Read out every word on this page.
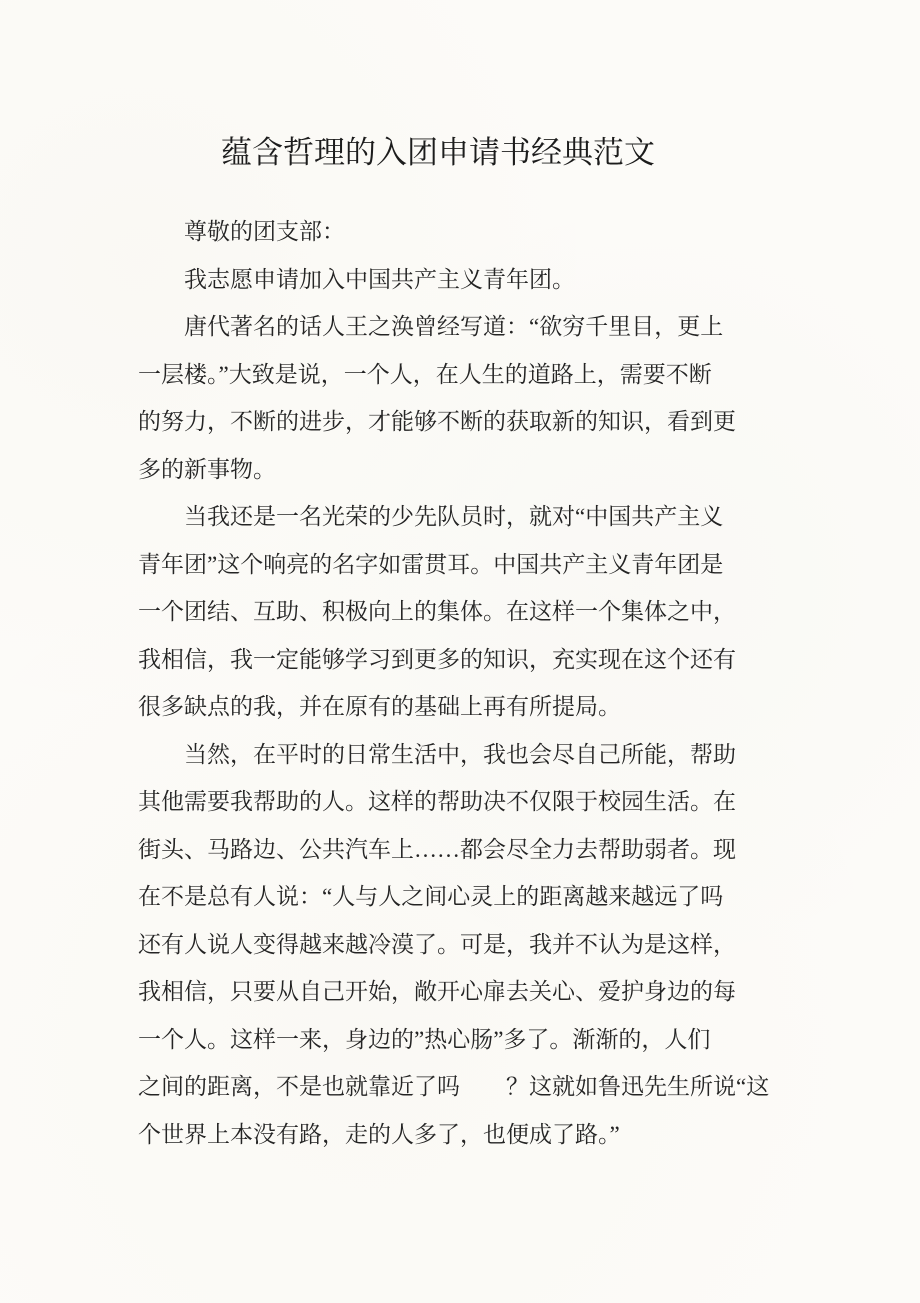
蕴含哲理的入团申请书经典范文
尊敬的团支部：
我志愿申请加入中国共产主义青年团。
唐代著名的话人王之涣曾经写道：“欲穷千里目，更上
一层楼。”大致是说，一个人，在人生的道路上，需要不断
的努力，不断的进步，才能够不断的获取新的知识，看到更
多的新事物。
当我还是一名光荣的少先队员时，就对“中国共产主义
青年团”这个响亮的名字如雷贯耳。中国共产主义青年团是
一个团结、互助、积极向上的集体。在这样一个集体之中，
我相信，我一定能够学习到更多的知识，充实现在这个还有
很多缺点的我，并在原有的基础上再有所提局。
当然，在平时的日常生活中，我也会尽自己所能，帮助
其他需要我帮助的人。这样的帮助决不仅限于校园生活。在
街头、马路边、公共汽车上……都会尽全力去帮助弱者。现
在不是总有人说：“人与人之间心灵上的距离越来越远了吗
还有人说人变得越来越冷漠了。可是，我并不认为是这样，
我相信，只要从自己开始，敞开心扉去关心、爱护身边的每
一个人。这样一来，身边的”热心肠”多了。渐渐的，人们
之间的距离，不是也就靠近了吗　　？这就如鲁迅先生所说“这
个世界上本没有路，走的人多了，也便成了路。”
